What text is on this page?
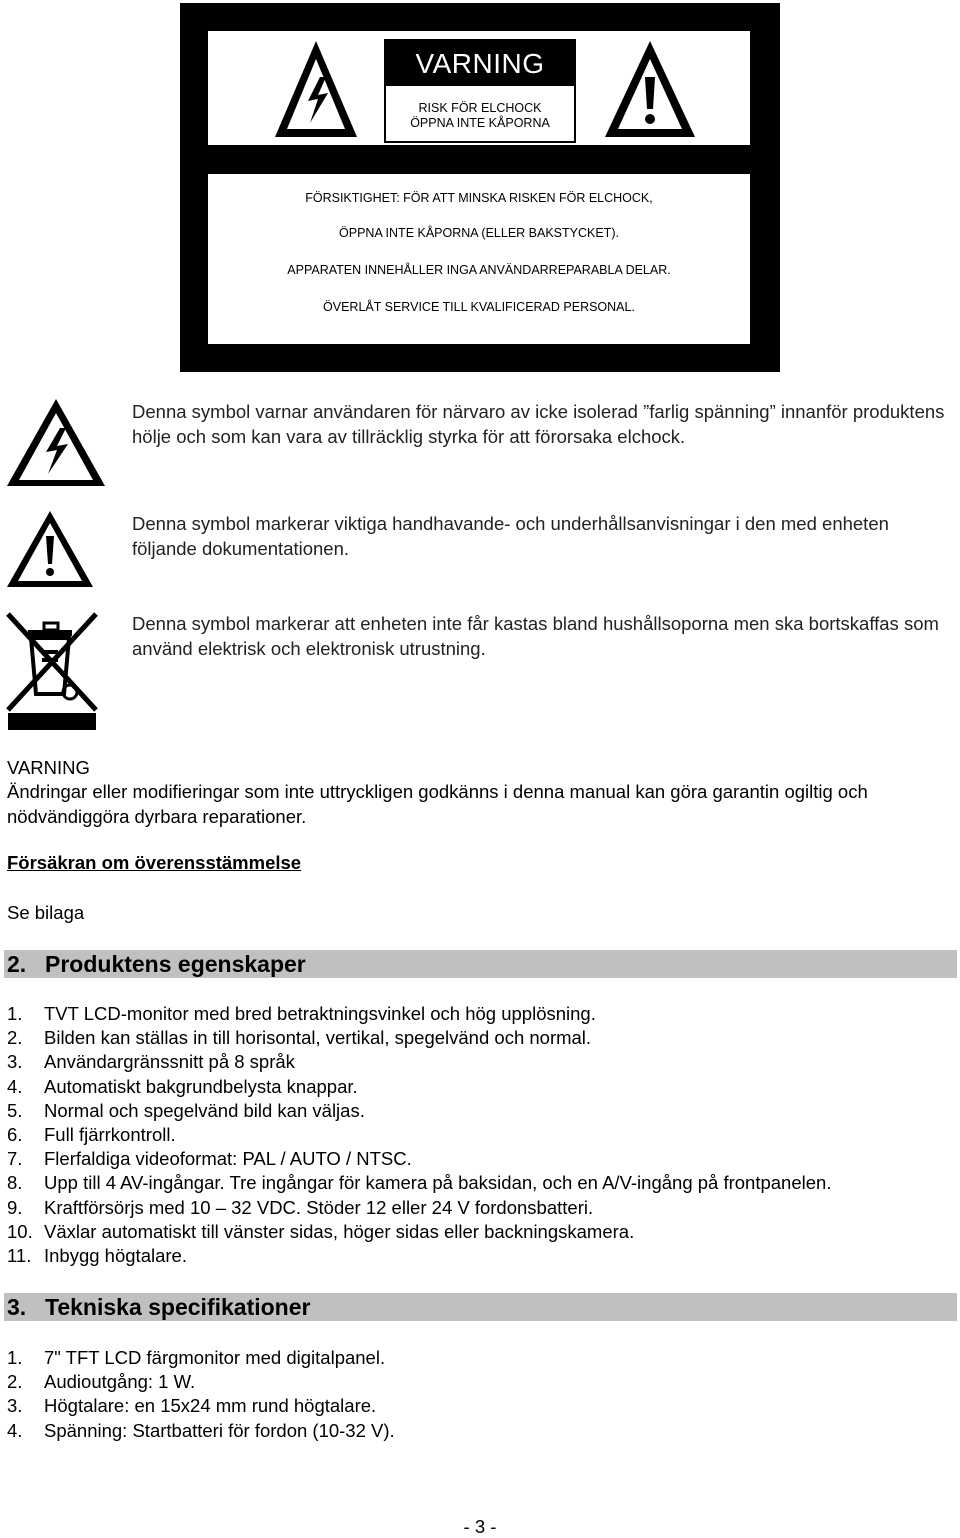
VARNING
RISK FÖR ELCHOCK
ÖPPNA INTE KÅPORNA
FÖRSIKTIGHET: FÖR ATT MINSKA RISKEN FÖR ELCHOCK,
ÖPPNA INTE KÅPORNA (ELLER BAKSTYCKET).
APPARATEN INNEHÅLLER INGA ANVÄNDARREPARABLA DELAR.
ÖVERLÅT SERVICE TILL KVALIFICERAD PERSONAL.
Denna symbol varnar användaren för närvaro av icke isolerad ”farlig spänning” innanför produktens hölje och som kan vara av tillräcklig styrka för att förorsaka elchock.
Denna symbol markerar viktiga handhavande- och underhållsanvisningar i den med enheten följande dokumentationen.
Denna symbol markerar att enheten inte får kastas bland hushållsoporna men ska bortskaffas som använd elektrisk och elektronisk utrustning.
VARNING
Ändringar eller modifieringar som inte uttryckligen godkänns i denna manual kan göra garantin ogiltig och nödvändiggöra dyrbara reparationer.
Försäkran om överensstämmelse
Se bilaga
2. Produktens egenskaper
1. TVT LCD-monitor med bred betraktningsvinkel och hög upplösning.
2. Bilden kan ställas in till horisontal, vertikal, spegelvänd och normal.
3. Användargränssnitt på 8 språk
4. Automatiskt bakgrundbelysta knappar.
5. Normal och spegelvänd bild kan väljas.
6. Full fjärrkontroll.
7. Flerfaldiga videoformat: PAL / AUTO / NTSC.
8. Upp till 4 AV-ingångar. Tre ingångar för kamera på baksidan, och en A/V-ingång på frontpanelen.
9. Kraftförsörjs med 10 – 32 VDC. Stöder 12 eller 24 V fordonsbatteri.
10. Växlar automatiskt till vänster sidas, höger sidas eller backningskamera.
11. Inbygg högtalare.
3. Tekniska specifikationer
1. 7" TFT LCD färgmonitor med digitalpanel.
2. Audioutgång: 1 W.
3. Högtalare: en 15x24 mm rund högtalare.
4. Spänning: Startbatteri för fordon (10-32 V).
- 3 -
